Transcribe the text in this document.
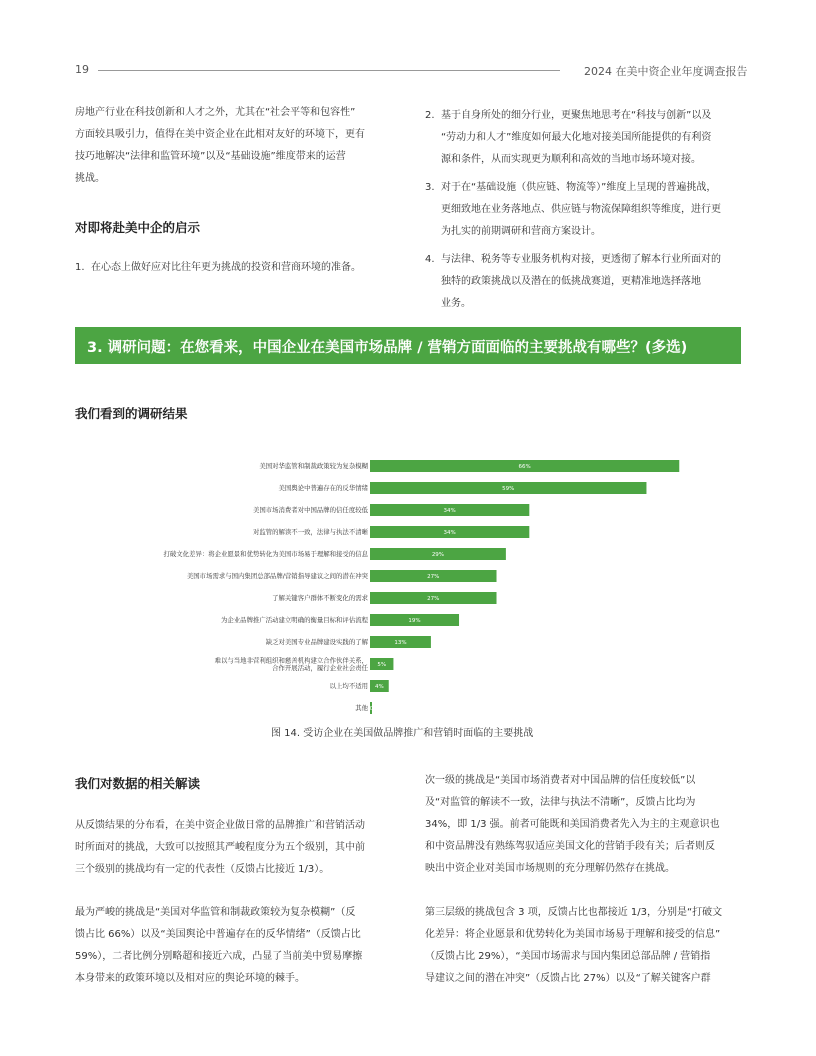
19	2024 在美中资企业年度调查报告
房地产行业在科技创新和人才之外，尤其在“社会平等和包容性”
方面较具吸引力，值得在美中资企业在此相对友好的环境下，更有
技巧地解决“法律和监管环境”以及“基础设施”维度带来的运营
挑战。
对即将赴美中企的启示
1. 在心态上做好应对比往年更为挑战的投资和营商环境的准备。
2. 基于自身所处的细分行业，更聚焦地思考在“科技与创新”以及
“劳动力和人才”维度如何最大化地对接美国所能提供的有利资
源和条件，从而实现更为顺利和高效的当地市场环境对接。
3. 对于在“基础设施（供应链、物流等）”维度上呈现的普遍挑战，
更细致地在业务落地点、供应链与物流保障组织等维度，进行更
为扎实的前期调研和营商方案设计。
4. 与法律、税务等专业服务机构对接，更透彻了解本行业所面对的
独特的政策挑战以及潜在的低挑战赛道，更精准地选择落地
业务。
3. 调研问题：在您看来，中国企业在美国市场品牌 / 营销方面面临的主要挑战有哪些？(多选)
我们看到的调研结果
美国对华监管和制裁政策较为复杂模糊	66%
美国舆论中普遍存在的反华情绪	59%
美国市场消费者对中国品牌的信任度较低	34%
对监管的解读不一致，法律与执法不清晰	34%
打破文化差异：将企业愿景和优势转化为美国市场易于理解和接受的信息	29%
美国市场需求与国内集团总部品牌/营销指导建议之间的潜在冲突	27%
了解关键客户群体不断变化的需求	27%
为企业品牌推广活动建立明确的衡量目标和评估流程	19%
缺乏对美国专业品牌建设实践的了解	13%
难以与当地非营利组织和慈善机构建立合作伙伴关系，合作开展活动，履行企业社会责任 5%
以上均不适用 4%
其他 0%
图 14. 受访企业在美国做品牌推广和营销时面临的主要挑战
我们对数据的相关解读
从反馈结果的分布看，在美中资企业做日常的品牌推广和营销活动
时所面对的挑战，大致可以按照其严峻程度分为五个级别，其中前
三个级别的挑战均有一定的代表性（反馈占比接近 1/3）。
最为严峻的挑战是“美国对华监管和制裁政策较为复杂模糊”（反
馈占比 66%）以及“美国舆论中普遍存在的反华情绪”（反馈占比
59%），二者比例分别略超和接近六成，凸显了当前美中贸易摩擦
本身带来的政策环境以及相对应的舆论环境的棘手。
次一级的挑战是“美国市场消费者对中国品牌的信任度较低”以
及“对监管的解读不一致，法律与执法不清晰”，反馈占比均为
34%，即 1/3 强。前者可能既和美国消费者先入为主的主观意识也
和中资品牌没有熟练驾驭适应美国文化的营销手段有关；后者则反
映出中资企业对美国市场规则的充分理解仍然存在挑战。
第三层级的挑战包含 3 项，反馈占比也都接近 1/3，分别是“打破文
化差异：将企业愿景和优势转化为美国市场易于理解和接受的信息”
（反馈占比 29%），“美国市场需求与国内集团总部品牌 / 营销指
导建议之间的潜在冲突”（反馈占比 27%）以及“了解关键客户群
